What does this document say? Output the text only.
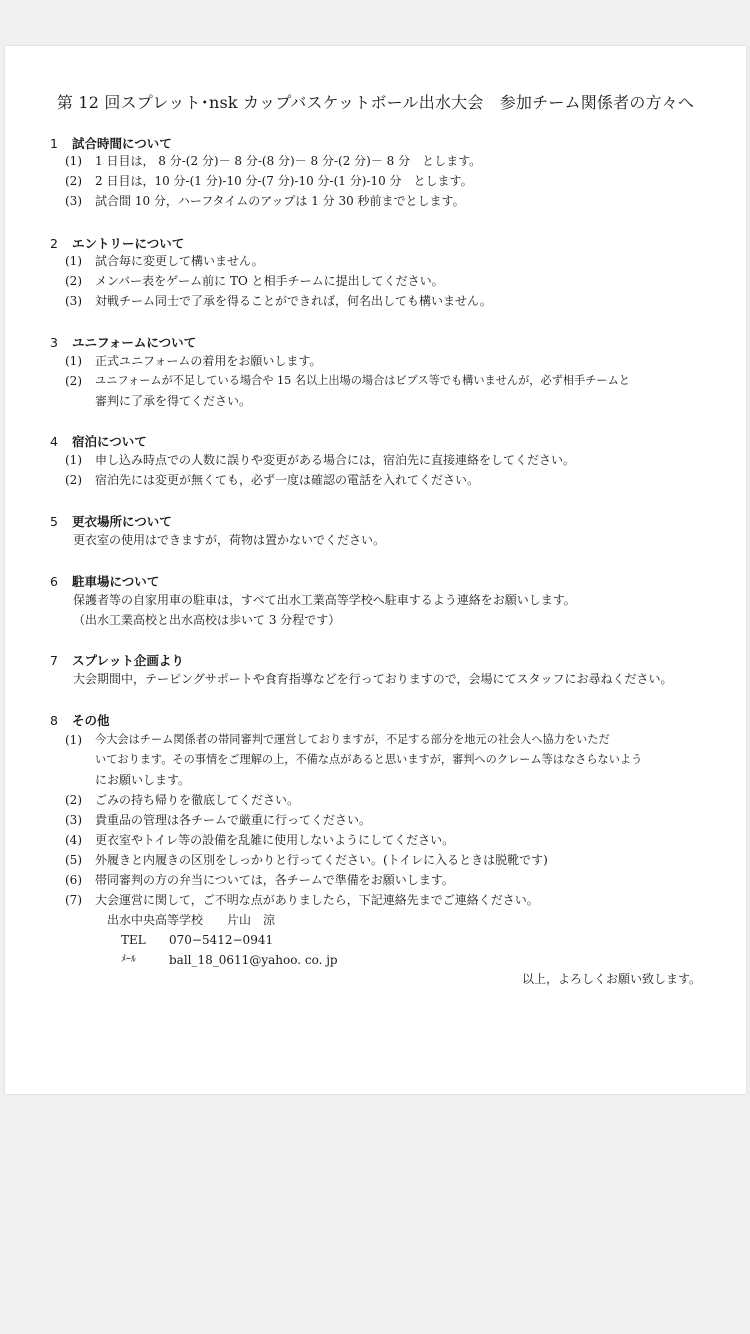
第 12 回スプレット･nsk カップバスケットボール出水大会　参加チーム関係者の方々へ
1 試合時間について
(1) 1 日目は， 8 分-(2 分)－ 8 分-(8 分)－ 8 分-(2 分)－ 8 分　とします。
(2) 2 日目は，10 分-(1 分)-10 分-(7 分)-10 分-(1 分)-10 分　とします。
(3) 試合間 10 分，ハーフタイムのアップは 1 分 30 秒前までとします。
2 エントリーについて
(1) 試合毎に変更して構いません。
(2) メンバー表をゲーム前に TO と相手チームに提出してください。
(3) 対戦チーム同士で了承を得ることができれば，何名出しても構いません。
3 ユニフォームについて
(1) 正式ユニフォームの着用をお願いします。
(2) ユニフォームが不足している場合や 15 名以上出場の場合はビブス等でも構いませんが，必ず相手チームと
審判に了承を得てください。
4 宿泊について
(1) 申し込み時点での人数に誤りや変更がある場合には，宿泊先に直接連絡をしてください。
(2) 宿泊先には変更が無くても，必ず一度は確認の電話を入れてください。
5 更衣場所について
更衣室の使用はできますが，荷物は置かないでください。
6 駐車場について
保護者等の自家用車の駐車は，すべて出水工業高等学校へ駐車するよう連絡をお願いします。
（出水工業高校と出水高校は歩いて 3 分程です）
7 スプレット企画より
大会期間中，テーピングサポートや食育指導などを行っておりますので，会場にてスタッフにお尋ねください。
8 その他
(1) 今大会はチーム関係者の帯同審判で運営しておりますが，不足する部分を地元の社会人へ協力をいただ
いております。その事情をご理解の上，不備な点があると思いますが，審判へのクレーム等はなさらないよう
にお願いします。
(2) ごみの持ち帰りを徹底してください。
(3) 貴重品の管理は各チームで厳重に行ってください。
(4) 更衣室やトイレ等の設備を乱雑に使用しないようにしてください。
(5) 外履きと内履きの区別をしっかりと行ってください。(トイレに入るときは脱靴です)
(6) 帯同審判の方の弁当については，各チームで準備をお願いします。
(7) 大会運営に関して，ご不明な点がありましたら，下記連絡先までご連絡ください。
出水中央高等学校　　片山　涼
TEL 070−5412−0941
ﾒｰﾙ	ball_18_0611@yahoo. co. jp
以上，よろしくお願い致します。
